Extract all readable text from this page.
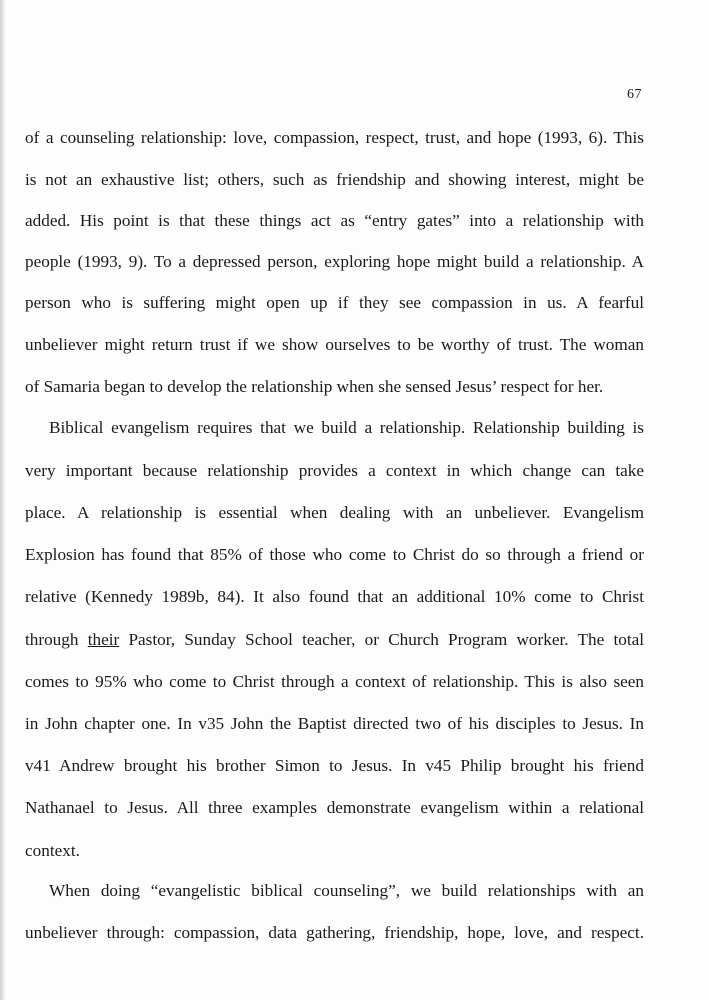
67
of a counseling relationship: love, compassion, respect, trust, and hope (1993, 6). This
is not an exhaustive list; others, such as friendship and showing interest, might be
added. His point is that these things act as “entry gates” into a relationship with
people (1993, 9). To a depressed person, exploring hope might build a relationship. A
person who is suffering might open up if they see compassion in us. A fearful
unbeliever might return trust if we show ourselves to be worthy of trust. The woman
of Samaria began to develop the relationship when she sensed Jesus’ respect for her.
Biblical evangelism requires that we build a relationship. Relationship building is
very important because relationship provides a context in which change can take
place. A relationship is essential when dealing with an unbeliever. Evangelism
Explosion has found that 85% of those who come to Christ do so through a friend or
relative (Kennedy 1989b, 84). It also found that an additional 10% come to Christ
through their Pastor, Sunday School teacher, or Church Program worker. The total
comes to 95% who come to Christ through a context of relationship. This is also seen
in John chapter one. In v35 John the Baptist directed two of his disciples to Jesus. In
v41 Andrew brought his brother Simon to Jesus. In v45 Philip brought his friend
Nathanael to Jesus. All three examples demonstrate evangelism within a relational
context.
When doing “evangelistic biblical counseling”, we build relationships with an
unbeliever through: compassion, data gathering, friendship, hope, love, and respect.
